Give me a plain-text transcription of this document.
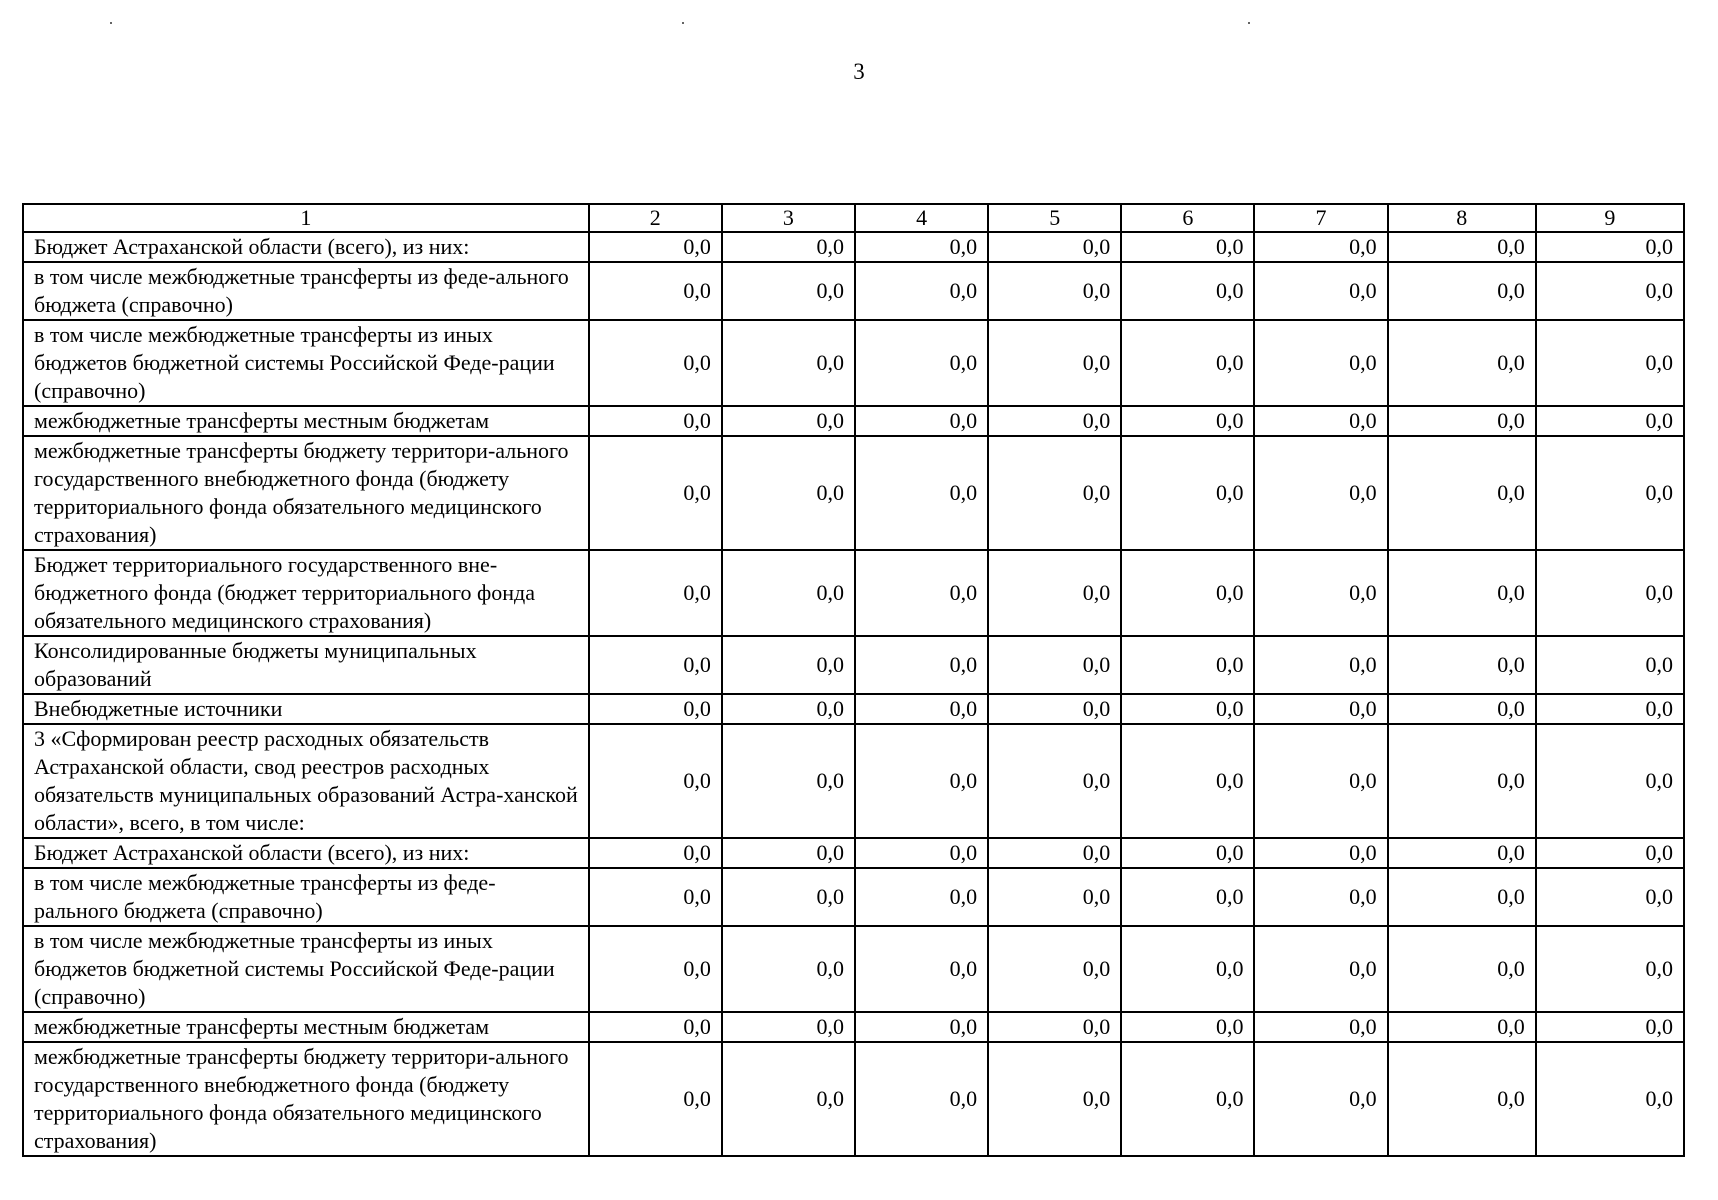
3
1	2	3	4	5	6	7	8	9
Бюджет Астраханской области (всего), из них:	0,0	0,0	0,0	0,0	0,0	0,0	0,0	0,0
в том числе межбюджетные трансферты из феде-ального бюджета (справочно)	0,0	0,0	0,0	0,0	0,0	0,0	0,0	0,0
в том числе межбюджетные трансферты из иных бюджетов бюджетной системы Российской Феде-рации (справочно)	0,0	0,0	0,0	0,0	0,0	0,0	0,0	0,0
межбюджетные трансферты местным бюджетам	0,0	0,0	0,0	0,0	0,0	0,0	0,0	0,0
межбюджетные трансферты бюджету территори-ального государственного внебюджетного фонда (бюджету территориального фонда обязательного медицинского страхования)	0,0	0,0	0,0	0,0	0,0	0,0	0,0	0,0
Бюджет территориального государственного вне-бюджетного фонда (бюджет территориального фонда обязательного медицинского страхования)	0,0	0,0	0,0	0,0	0,0	0,0	0,0	0,0
Консолидированные бюджеты муниципальных образований	0,0	0,0	0,0	0,0	0,0	0,0	0,0	0,0
Внебюджетные источники	0,0	0,0	0,0	0,0	0,0	0,0	0,0	0,0
3 «Сформирован реестр расходных обязательств Астраханской области, свод реестров расходных обязательств муниципальных образований Астра-ханской области», всего, в том числе:	0,0	0,0	0,0	0,0	0,0	0,0	0,0	0,0
Бюджет Астраханской области (всего), из них:	0,0	0,0	0,0	0,0	0,0	0,0	0,0	0,0
в том числе межбюджетные трансферты из феде-рального бюджета (справочно)	0,0	0,0	0,0	0,0	0,0	0,0	0,0	0,0
в том числе межбюджетные трансферты из иных бюджетов бюджетной системы Российской Феде-рации (справочно)	0,0	0,0	0,0	0,0	0,0	0,0	0,0	0,0
межбюджетные трансферты местным бюджетам	0,0	0,0	0,0	0,0	0,0	0,0	0,0	0,0
межбюджетные трансферты бюджету территори-ального государственного внебюджетного фонда (бюджету территориального фонда обязательного медицинского страхования)	0,0	0,0	0,0	0,0	0,0	0,0	0,0	0,0
